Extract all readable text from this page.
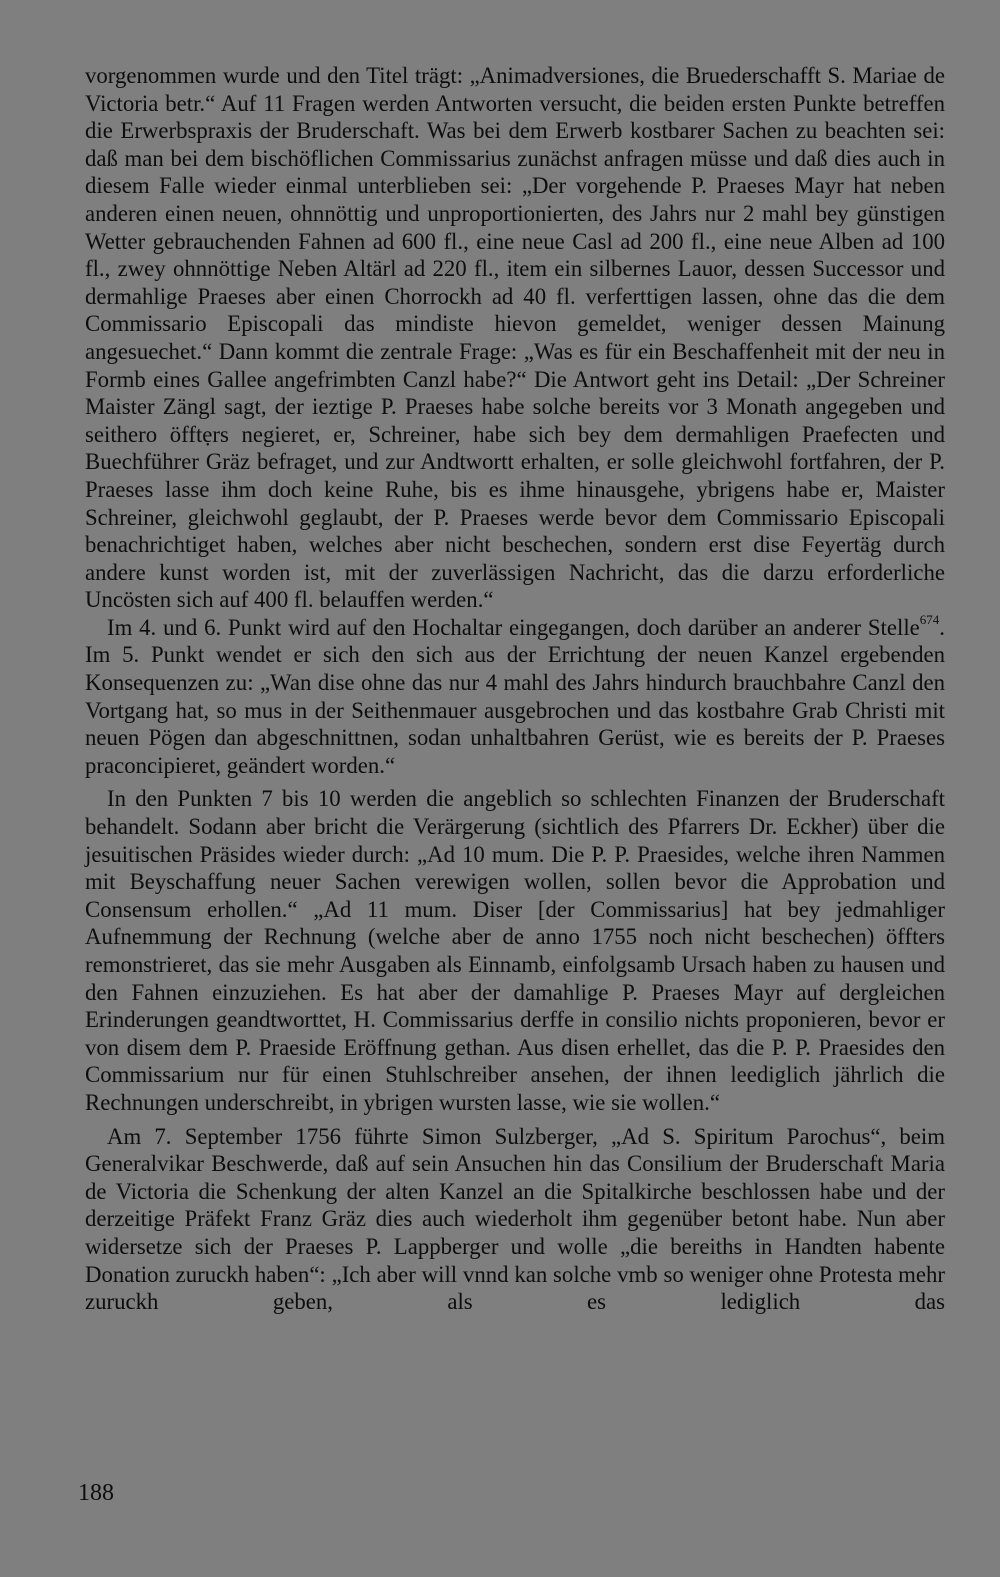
vorgenommen wurde und den Titel trägt: „Animadversiones, die Bruederschafft S. Mariae de Victoria betr.“ Auf 11 Fragen werden Antworten versucht, die beiden ersten Punkte betreffen die Erwerbspraxis der Bruderschaft. Was bei dem Erwerb kostbarer Sachen zu beachten sei: daß man bei dem bischöflichen Commissarius zunächst anfragen müsse und daß dies auch in diesem Falle wieder einmal unterblieben sei: „Der vorgehende P. Praeses Mayr hat neben anderen einen neuen, ohnnöttig und unproportionierten, des Jahrs nur 2 mahl bey günstigen Wetter gebrauchenden Fahnen ad 600 fl., eine neue Casl ad 200 fl., eine neue Alben ad 100 fl., zwey ohnnöttige Neben Altärl ad 220 fl., item ein silbernes Lauor, dessen Successor und dermahlige Praeses aber einen Chorrockh ad 40 fl. verferttigen lassen, ohne das die dem Commissario Episcopali das mindiste hievon gemeldet, weniger dessen Mainung angesuechet.“ Dann kommt die zentrale Frage: „Was es für ein Beschaffenheit mit der neu in Formb eines Gallee angefrimbten Canzl habe?“ Die Antwort geht ins Detail: „Der Schreiner Maister Zängl sagt, der ieztige P. Praeses habe solche bereits vor 3 Monath angegeben und seithero öfftẹrs negieret, er, Schreiner, habe sich bey dem dermahligen Praefecten und Buechführer Gräz befraget, und zur Andtwortt erhalten, er solle gleichwohl fortfahren, der P. Praeses lasse ihm doch keine Ruhe, bis es ihme hinausgehe, ybrigens habe er, Maister Schreiner, gleichwohl geglaubt, der P. Praeses werde bevor dem Commissario Episcopali benachrichtiget haben, welches aber nicht beschechen, sondern erst dise Feyertäg durch andere kunst worden ist, mit der zuverlässigen Nachricht, das die darzu erforderliche Uncösten sich auf 400 fl. belauffen werden.“

Im 4. und 6. Punkt wird auf den Hochaltar eingegangen, doch darüber an anderer Stelle$^{674}$. Im 5. Punkt wendet er sich den sich aus der Errichtung der neuen Kanzel ergebenden Konsequenzen zu: „Wan dise ohne das nur 4 mahl des Jahrs hindurch brauchbahre Canzl den Vortgang hat, so mus in der Seithenmauer ausgebrochen und das kostbahre Grab Christi mit neuen Pögen dan abgeschnittnen, sodan unhaltbahren Gerüst, wie es bereits der P. Praeses praconcipieret, geändert worden.“

In den Punkten 7 bis 10 werden die angeblich so schlechten Finanzen der Bruderschaft behandelt. Sodann aber bricht die Verärgerung (sichtlich des Pfarrers Dr. Eckher) über die jesuitischen Präsides wieder durch: „Ad 10 mum. Die P. P. Praesides, welche ihren Nammen mit Beyschaffung neuer Sachen verewigen wollen, sollen bevor die Approbation und Consensum erhollen.“ „Ad 11 mum. Diser [der Commissarius] hat bey jedmahliger Aufnemmung der Rechnung (welche aber de anno 1755 noch nicht beschechen) öffters remonstrieret, das sie mehr Ausgaben als Einnamb, einfolgsamb Ursach haben zu hausen und den Fahnen einzuziehen. Es hat aber der damahlige P. Praeses Mayr auf dergleichen Erinderungen geandtworttet, H. Commissarius derffe in consilio nichts proponieren, bevor er von disem dem P. Praeside Eröffnung gethan. Aus disen erhellet, das die P. P. Praesides den Commissarium nur für einen Stuhlschreiber ansehen, der ihnen leediglich jährlich die Rechnungen underschreibt, in ybrigen wursten lasse, wie sie wollen.“

Am 7. September 1756 führte Simon Sulzberger, „Ad S. Spiritum Parochus“, beim Generalvikar Beschwerde, daß auf sein Ansuchen hin das Consilium der Bruderschaft Maria de Victoria die Schenkung der alten Kanzel an die Spitalkirche beschlossen habe und der derzeitige Präfekt Franz Gräz dies auch wiederholt ihm gegenüber betont habe. Nun aber widersetze sich der Praeses P. Lappberger und wolle „die bereiths in Handten habente Donation zuruckh haben“: „Ich aber will vnnd kan solche vmb so weniger ohne Protesta mehr zuruckh geben, als es lediglich das

188
